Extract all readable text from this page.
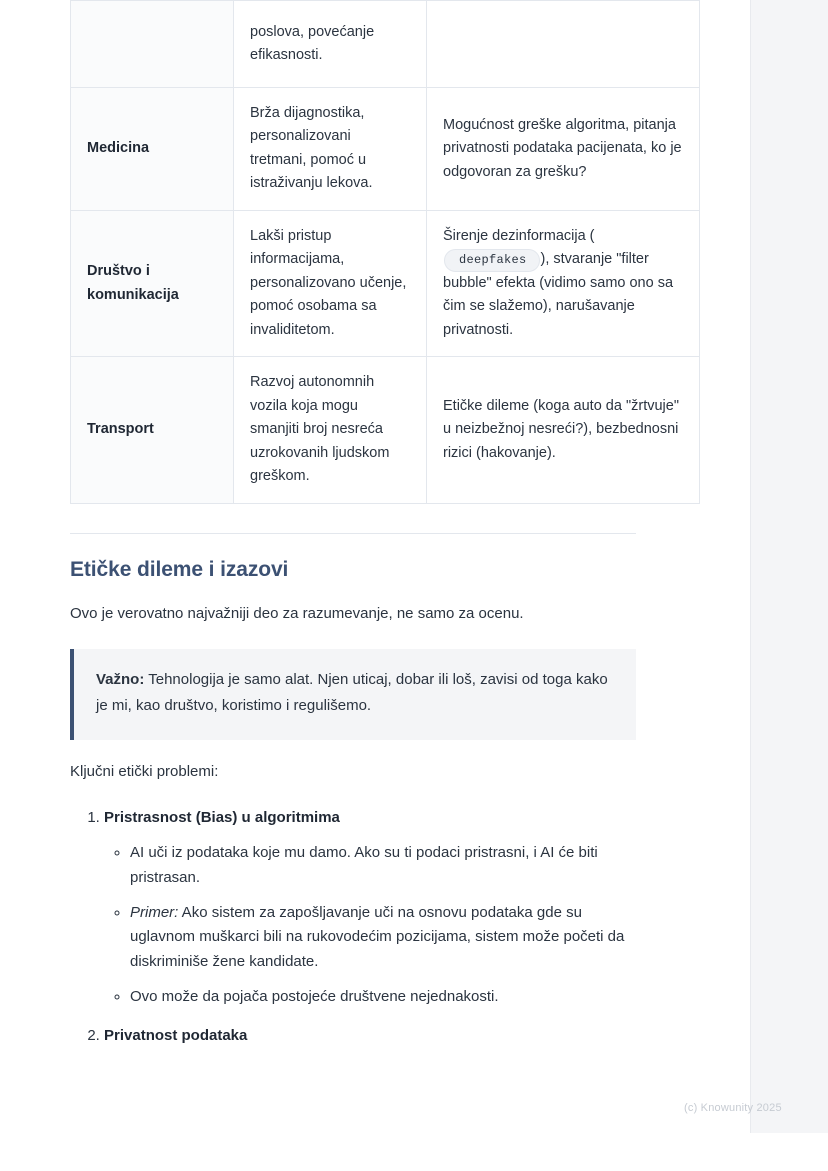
	poslova, povećanje efikasnosti.	
Medicina	Brža dijagnostika, personalizovani tretmani, pomoć u istraživanju lekova.	Mogućnost greške algoritma, pitanja privatnosti podataka pacijenata, ko je odgovoran za grešku?
Društvo i komunikacija	Lakši pristup informacijama, personalizovano učenje, pomoć osobama sa invaliditetom.	Širenje dezinformacija (deepfakes ), stvaranje "filter bubble" efekta (vidimo samo ono sa čim se slažemo), narušavanje privatnosti.
Transport	Razvoj autonomnih vozila koja mogu smanjiti broj nesreća uzrokovanih ljudskom greškom.	Etičke dileme (koga auto da "žrtvuje" u neizbežnoj nesreći?), bezbednosni rizici (hakovanje).
Etičke dileme i izazovi

Ovo je verovatno najvažniji deo za razumevanje, ne samo za ocenu.

Važno: Tehnologija je samo alat. Njen uticaj, dobar ili loš, zavisi od toga kako je mi, kao društvo, koristimo i regulišemo.

Ključni etički problemi:

1. Pristrasnost (Bias) u algoritmima
◦ AI uči iz podataka koje mu damo. Ako su ti podaci pristrasni, i AI će biti pristrasan.
◦ Primer: Ako sistem za zapošljavanje uči na osnovu podataka gde su uglavnom muškarci bili na rukovodećim pozicijama, sistem može početi da diskriminiše žene kandidate.
◦ Ovo može da pojača postojeće društvene nejednakosti.
2. Privatnost podataka
(c) Knowunity 2025
